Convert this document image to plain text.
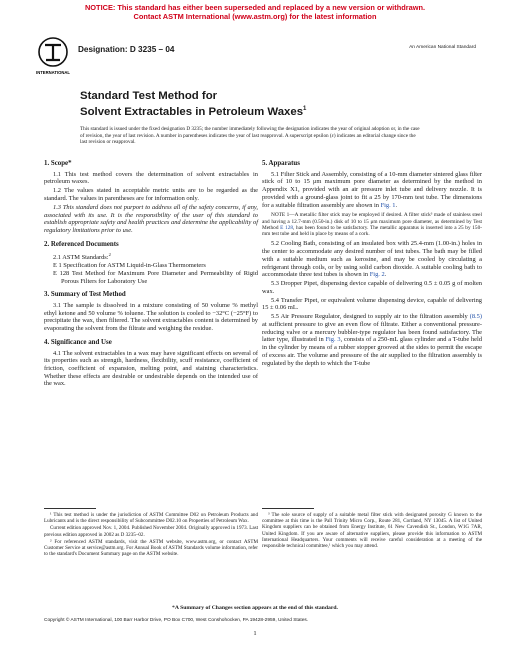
NOTICE: This standard has either been superseded and replaced by a new version or withdrawn.
Contact ASTM International (www.astm.org) for the latest information
INTERNATIONAL
Designation: D 3235 – 04	An American National Standard
Standard Test Method for
Solvent Extractables in Petroleum Waxes$^1$
This standard is issued under the fixed designation D 3235; the number immediately following the designation indicates the year of original adoption or, in the case of revision, the year of last revision. A number in parentheses indicates the year of last reapproval. A superscript epsilon (ε) indicates an editorial change since the last revision or reapproval.
1. Scope*

1.1 This test method covers the determination of solvent extractables in petroleum waxes.

1.2 The values stated in acceptable metric units are to be regarded as the standard. The values in parentheses are for information only.

1.3 This standard does not purport to address all of the safety concerns, if any, associated with its use. It is the responsibility of the user of this standard to establish appropriate safety and health practices and determine the applicability of regulatory limitations prior to use.

2. Referenced Documents

2.1 ASTM Standards:$^2$

E 1 Specification for ASTM Liquid-in-Glass Thermometers

E 128 Test Method for Maximum Pore Diameter and Permeability of Rigid Porous Filters for Laboratory Use

3. Summary of Test Method

3.1 The sample is dissolved in a mixture consisting of 50 volume % methyl ethyl ketone and 50 volume % toluene. The solution is cooled to −32°C (−25°F) to precipitate the wax, then filtered. The solvent extractables content is determined by evaporating the solvent from the filtrate and weighing the residue.

4. Significance and Use

4.1 The solvent extractables in a wax may have significant effects on several of its properties such as strength, hardness, flexibility, scuff resistance, coefficient of friction, coefficient of expansion, melting point, and staining characteristics. Whether these effects are desirable or undesirable depends on the intended use of the wax.

5. Apparatus

5.1 Filter Stick and Assembly, consisting of a 10-mm diameter sintered glass filter stick of 10 to 15 μm maximum pore diameter as determined by the method in Appendix X1, provided with an air pressure inlet tube and delivery nozzle. It is provided with a ground-glass joint to fit a 25 by 170-mm test tube. The dimensions for a suitable filtration assembly are shown in Fig. 1.

NOTE 1—A metallic filter stick may be employed if desired. A filter stick³ made of stainless steel and having a 12.7-mm (0.50-in.) disk of 10 to 15 μm maximum pore diameter, as determined by Test Method E 128, has been found to be satisfactory. The metallic apparatus is inserted into a 25 by 150-mm test tube and held in place by means of a cork.

5.2 Cooling Bath, consisting of an insulated box with 25.4-mm (1.00-in.) holes in the center to accommodate any desired number of test tubes. The bath may be filled with a suitable medium such as kerosine, and may be cooled by circulating a refrigerant through coils, or by using solid carbon dioxide. A suitable cooling bath to accommodate three test tubes is shown in Fig. 2.

5.3 Dropper Pipet, dispensing device capable of delivering 0.5 ± 0.05 g of molten wax.

5.4 Transfer Pipet, or equivalent volume dispensing device, capable of delivering 15 ± 0.06 mL.

5.5 Air Pressure Regulator, designed to supply air to the filtration assembly (8.5) at sufficient pressure to give an even flow of filtrate. Either a conventional pressure-reducing valve or a mercury bubbler-type regulator has been found satisfactory. The latter type, illustrated in Fig. 3, consists of a 250-mL glass cylinder and a T-tube held in the cylinder by means of a rubber stopper grooved at the sides to permit the escape of excess air. The volume and pressure of the air supplied to the filtration assembly is regulated by the depth to which the T-tube

¹ This test method is under the jurisdiction of ASTM Committee D02 on Petroleum Products and Lubricants and is the direct responsibility of Subcommittee D02.10 on Properties of Petroleum Wax.

Current edition approved Nov. 1, 2004. Published November 2004. Originally approved in 1973. Last previous edition approved in 2002 as D 3235–02.

² For referenced ASTM standards, visit the ASTM website, www.astm.org, or contact ASTM Customer Service at service@astm.org. For Annual Book of ASTM Standards volume information, refer to the standard's Document Summary page on the ASTM website.

³ The sole source of supply of a suitable metal filter stick with designated porosity G known to the committee at this time is the Pall Trinity Micro Corp., Route 281, Cortland, NY 13045. A list of United Kingdom suppliers can be obtained from Energy Institute, 61 New Cavendish St., London, W1G 7AR, United Kingdom. If you are aware of alternative suppliers, please provide this information to ASTM International Headquarters. Your comments will receive careful consideration at a meeting of the responsible technical committee,¹ which you may attend.

*A Summary of Changes section appears at the end of this standard.
Copyright © ASTM International, 100 Barr Harbor Drive, PO Box C700, West Conshohocken, PA 19428-2959, United States.
1
